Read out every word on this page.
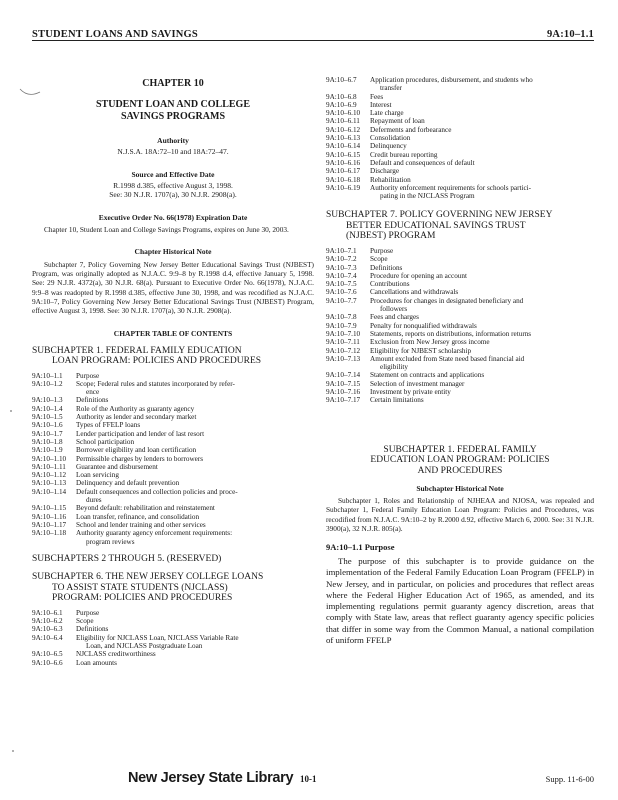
STUDENT LOANS AND SAVINGS	9A:10–1.1
CHAPTER 10
STUDENT LOAN AND COLLEGE
SAVINGS PROGRAMS
Authority
N.J.S.A. 18A:72–10 and 18A:72–47.
Source and Effective Date
R.1998 d.385, effective August 3, 1998.
See: 30 N.J.R. 1707(a), 30 N.J.R. 2908(a).
Executive Order No. 66(1978) Expiration Date
Chapter 10, Student Loan and College Savings Programs, expires on June 30, 2003.
Chapter Historical Note
Subchapter 7, Policy Governing New Jersey Better Educational Savings Trust (NJBEST) Program, was originally adopted as N.J.A.C. 9:9–8 by R.1998 d.4, effective January 5, 1998. See: 29 N.J.R. 4372(a), 30 N.J.R. 68(a). Pursuant to Executive Order No. 66(1978), N.J.A.C. 9:9–8 was readopted by R.1998 d.385, effective June 30, 1998, and was recodified as N.J.A.C. 9A:10–7, Policy Governing New Jersey Better Educational Savings Trust (NJBEST) Program, effective August 3, 1998. See: 30 N.J.R. 1707(a), 30 N.J.R. 2908(a).
CHAPTER TABLE OF CONTENTS
SUBCHAPTER 1. FEDERAL FAMILY EDUCATION
LOAN PROGRAM: POLICIES AND PROCEDURES
9A:10–1.1	Purpose
9A:10–1.2	Scope; Federal rules and statutes incorporated by refer-
ence
9A:10–1.3	Definitions
9A:10–1.4	Role of the Authority as guaranty agency
9A:10–1.5	Authority as lender and secondary market
9A:10–1.6	Types of FFELP loans
9A:10–1.7	Lender participation and lender of last resort
9A:10–1.8	School participation
9A:10–1.9	Borrower eligibility and loan certification
9A:10–1.10	Permissible charges by lenders to borrowers
9A:10–1.11	Guarantee and disbursement
9A:10–1.12	Loan servicing
9A:10–1.13	Delinquency and default prevention
9A:10–1.14	Default consequences and collection policies and proce-
dures
9A:10–1.15	Beyond default: rehabilitation and reinstatement
9A:10–1.16	Loan transfer, refinance, and consolidation
9A:10–1.17	School and lender training and other services
9A:10–1.18	Authority guaranty agency enforcement requirements:
program reviews
SUBCHAPTERS 2 THROUGH 5. (RESERVED)
SUBCHAPTER 6. THE NEW JERSEY COLLEGE LOANS
TO ASSIST STATE STUDENTS (NJCLASS)
PROGRAM: POLICIES AND PROCEDURES
9A:10–6.1	Purpose
9A:10–6.2	Scope
9A:10–6.3	Definitions
9A:10–6.4	Eligibility for NJCLASS Loan, NJCLASS Variable Rate
Loan, and NJCLASS Postgraduate Loan
9A:10–6.5	NJCLASS creditworthiness
9A:10–6.6	Loan amounts
9A:10–6.7	Application procedures, disbursement, and students who
transfer
9A:10–6.8	Fees
9A:10–6.9	Interest
9A:10–6.10	Late charge
9A:10–6.11	Repayment of loan
9A:10–6.12	Deferments and forbearance
9A:10–6.13	Consolidation
9A:10–6.14	Delinquency
9A:10–6.15	Credit bureau reporting
9A:10–6.16	Default and consequences of default
9A:10–6.17	Discharge
9A:10–6.18	Rehabilitation
9A:10–6.19	Authority enforcement requirements for schools partici-
pating in the NJCLASS Program
SUBCHAPTER 7. POLICY GOVERNING NEW JERSEY
BETTER EDUCATIONAL SAVINGS TRUST
(NJBEST) PROGRAM
9A:10–7.1	Purpose
9A:10–7.2	Scope
9A:10–7.3	Definitions
9A:10–7.4	Procedure for opening an account
9A:10–7.5	Contributions
9A:10–7.6	Cancellations and withdrawals
9A:10–7.7	Procedures for changes in designated beneficiary and
followers
9A:10–7.8	Fees and charges
9A:10–7.9	Penalty for nonqualified withdrawals
9A:10–7.10	Statements, reports on distributions, information returns
9A:10–7.11	Exclusion from New Jersey gross income
9A:10–7.12	Eligibility for NJBEST scholarship
9A:10–7.13	Amount excluded from State need based financial aid
eligibility
9A:10–7.14	Statement on contracts and applications
9A:10–7.15	Selection of investment manager
9A:10–7.16	Investment by private entity
9A:10–7.17	Certain limitations
SUBCHAPTER 1. FEDERAL FAMILY
EDUCATION LOAN PROGRAM: POLICIES
AND PROCEDURES
Subchapter Historical Note
Subchapter 1, Roles and Relationship of NJHEAA and NJOSA, was repealed and Subchapter 1, Federal Family Education Loan Program: Policies and Procedures, was recodified from N.J.A.C. 9A:10–2 by R.2000 d.92, effective March 6, 2000. See: 31 N.J.R. 3900(a), 32 N.J.R. 805(a).
9A:10–1.1 Purpose
The purpose of this subchapter is to provide guidance on the implementation of the Federal Family Education Loan Program (FFELP) in New Jersey, and in particular, on policies and procedures that reflect areas where the Federal Higher Education Act of 1965, as amended, and its implementing regulations permit guaranty agency discretion, areas that comply with State law, areas that reflect guaranty agency specific policies that differ in some way from the Common Manual, a national compilation of uniform FFELP
New Jersey State Library 10-1	Supp. 11-6-00
